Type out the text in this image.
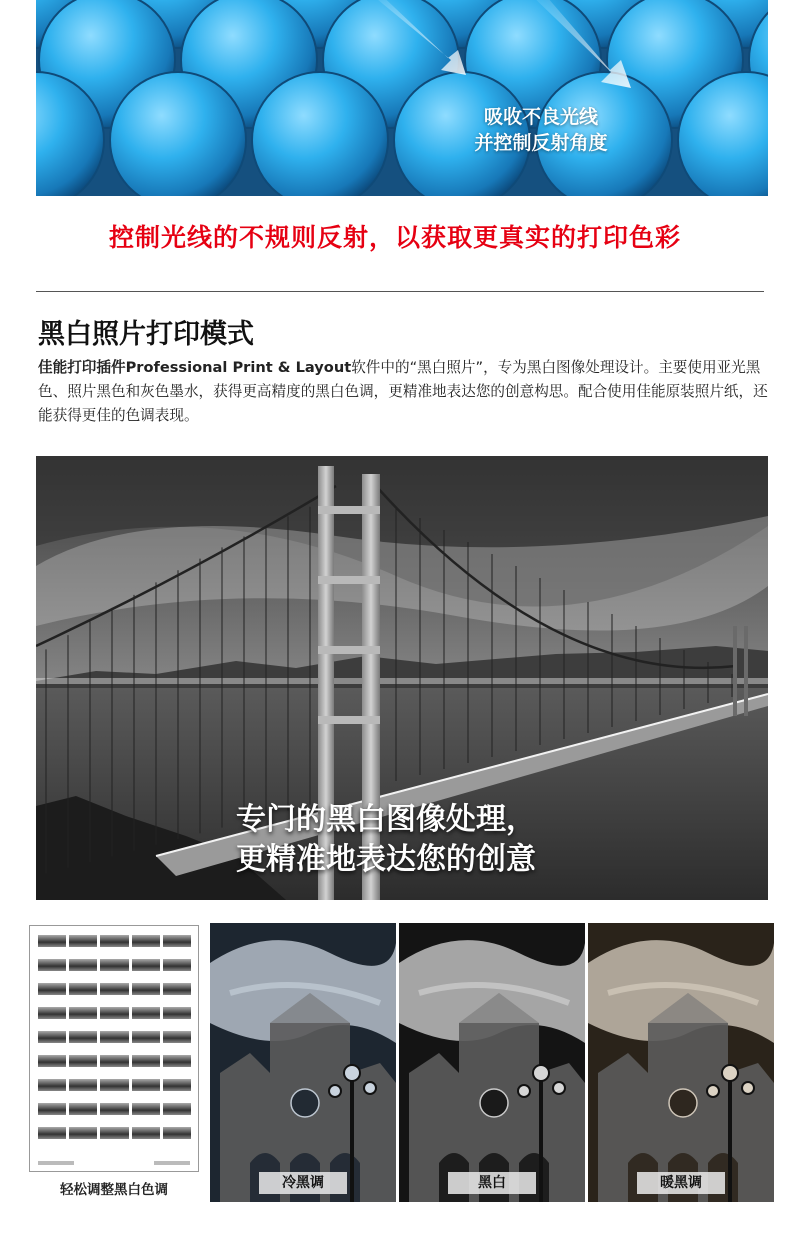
吸收不良光线
并控制反射角度
控制光线的不规则反射，以获取更真实的打印色彩
黑白照片打印模式
佳能打印插件Professional Print & Layout软件中的“黑白照片”，专为黑白图像处理设计。主要使用亚光黑色、照片黑色和灰色墨水，获得更高精度的黑白色调，更精准地表达您的创意构思。配合使用佳能原装照片纸，还能获得更佳的色调表现。
专门的黑白图像处理，
更精准地表达您的创意
轻松调整黑白色调	冷黑调	黑白	暖黑调
